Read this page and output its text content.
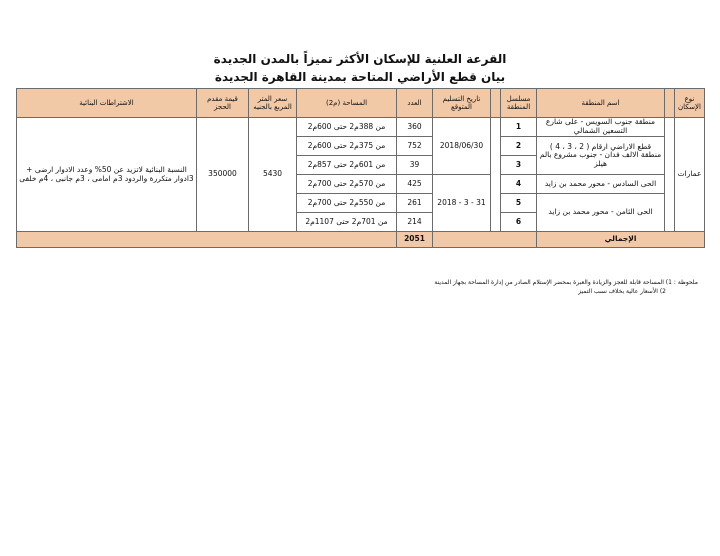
القرعة العلنية للإسكان الأكثر تميزاً بالمدن الجديدة
بيان قطع الأراضي المتاحة بمدينة القاهرة الجديدة
نوع الإسكان		اسم المنطقة	مسلسل المنطقة		تاريخ التسليم المتوقع	العدد	المساحة (م2)	سعر المتر المربع بالجنيه	قيمة مقدم الحجز	الاشتراطات البنائية
عمارات		منطقة جنوب السويس - على شارع التسعين الشمالي	1		2018/06/30	360	من 388م2 حتى 600م2	5430	350000	النسبة البنائية لاتزيد عن 50% وعدد الادوار ارضى + 3ادوار متكررة والردود 3م امامى ، 3م جانبى ، 4م خلفى
		قطع الاراضي ارقام ( 2 ، 3 ، 4 ) منطقة الالف فدان - جنوب مشروع بالم هيلز	2			752	من 375م2 حتى 600م2			
			3			39	من 601م2 حتى 857م2			
		الحى السادس - محور محمد بن زايد	4		31 - 3 - 2018	425	من 570م2 حتى 700م2			
		الحى الثامن - محور محمد بن زايد	5			261	من 550م2 حتى 700م2			
			6			214	من 701م2 حتى 1107م2			
الإجمالي						2051				
ملحوظة : 1) المساحة قابلة للعجز والزيادة والعبرة بمحضر الإستلام الصادر من إدارة المساحة بجهاز المدينة
2) الأسعار عالية بخلاف نسب التميز
